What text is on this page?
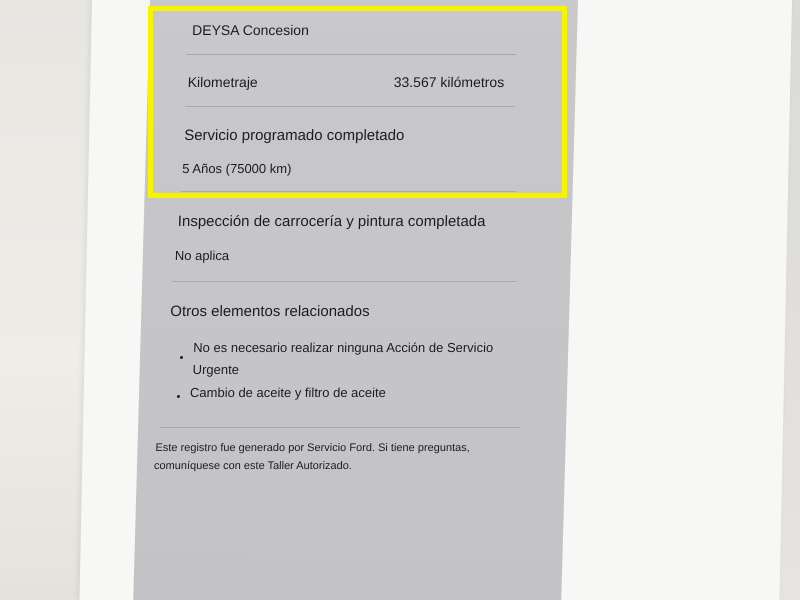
DEYSA Concesion
Kilometraje	33.567 kilómetros
Servicio programado completado
5 Años (75000 km)
Inspección de carrocería y pintura completada
No aplica
Otros elementos relacionados
No es necesario realizar ninguna Acción de Servicio
Urgente
Cambio de aceite y filtro de aceite
Este registro fue generado por Servicio Ford. Si tiene preguntas,
comuníquese con este Taller Autorizado.
